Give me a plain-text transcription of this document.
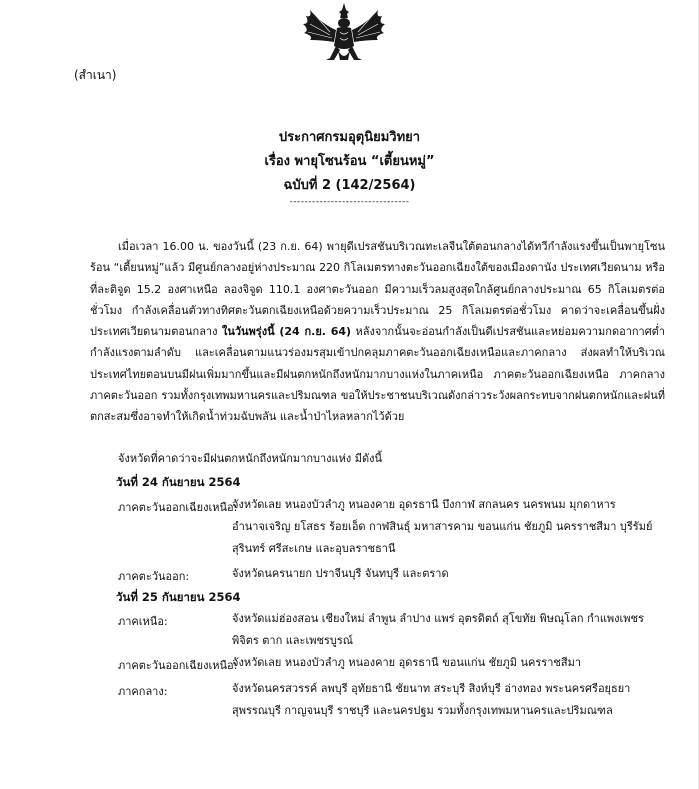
(สำเนา)
ประกาศกรมอุตุนิยมวิทยา
เรื่อง พายุโซนร้อน “เตี้ยนหมู่”
ฉบับที่ 2 (142/2564)
--------------------------------
เมื่อเวลา 16.00 น. ของวันนี้ (23 ก.ย. 64) พายุดีเปรสชันบริเวณทะเลจีนใต้ตอนกลางได้ทวีกำลังแรงขึ้นเป็นพายุโซนร้อน “เตี้ยนหมู่”แล้ว มีศูนย์กลางอยู่ห่างประมาณ 220 กิโลเมตรทางตะวันออกเฉียงใต้ของเมืองดานัง ประเทศเวียดนาม หรือที่ละติจูด 15.2 องศาเหนือ ลองจิจูด 110.1 องศาตะวันออก มีความเร็วลมสูงสุดใกล้ศูนย์กลางประมาณ 65 กิโลเมตรต่อชั่วโมง กำลังเคลื่อนตัวทางทิศตะวันตกเฉียงเหนือด้วยความเร็วประมาณ 25 กิโลเมตรต่อชั่วโมง คาดว่าจะเคลื่อนขึ้นฝั่งประเทศเวียดนามตอนกลาง ในวันพรุ่งนี้ (24 ก.ย. 64) หลังจากนั้นจะอ่อนกำลังเป็นดีเปรสชันและหย่อมความกดอากาศต่ำกำลังแรงตามลำดับ และเคลื่อนตามแนวร่องมรสุมเข้าปกคลุมภาคตะวันออกเฉียงเหนือและภาคกลาง ส่งผลทำให้บริเวณประเทศไทยตอนบนมีฝนเพิ่มมากขึ้นและมีฝนตกหนักถึงหนักมากบางแห่งในภาคเหนือ ภาคตะวันออกเฉียงเหนือ ภาคกลาง ภาคตะวันออก รวมทั้งกรุงเทพมหานครและปริมณฑล ขอให้ประชาชนบริเวณดังกล่าวระวังผลกระทบจากฝนตกหนักและฝนที่ตกสะสมซึ่งอาจทำให้เกิดน้ำท่วมฉับพลัน และน้ำป่าไหลหลากไว้ด้วย
จังหวัดที่คาดว่าจะมีฝนตกหนักถึงหนักมากบางแห่ง มีดังนี้
วันที่ 24 กันยายน 2564
ภาคตะวันออกเฉียงเหนือ:
จังหวัดเลย หนองบัวลำภู หนองคาย อุดรธานี บึงกาฬ สกลนคร นครพนม มุกดาหาร อำนาจเจริญ ยโสธร ร้อยเอ็ด กาฬสินธุ์ มหาสารคาม ขอนแก่น ชัยภูมิ นครราชสีมา บุรีรัมย์ สุรินทร์ ศรีสะเกษ และอุบลราชธานี
ภาคตะวันออก:	จังหวัดนครนายก ปราจีนบุรี จันทบุรี และตราด
วันที่ 25 กันยายน 2564
ภาคเหนือ:	จังหวัดแม่ฮ่องสอน เชียงใหม่ ลำพูน ลำปาง แพร่ อุตรดิตถ์ สุโขทัย พิษณุโลก กำแพงเพชร พิจิตร ตาก และเพชรบูรณ์
ภาคตะวันออกเฉียงเหนือ:
จังหวัดเลย หนองบัวลำภู หนองคาย อุดรธานี ขอนแก่น ชัยภูมิ นครราชสีมา
ภาคกลาง:	จังหวัดนครสวรรค์ ลพบุรี อุทัยธานี ชัยนาท สระบุรี สิงห์บุรี อ่างทอง พระนครศรีอยุธยา สุพรรณบุรี กาญจนบุรี ราชบุรี และนครปฐม รวมทั้งกรุงเทพมหานครและปริมณฑล
